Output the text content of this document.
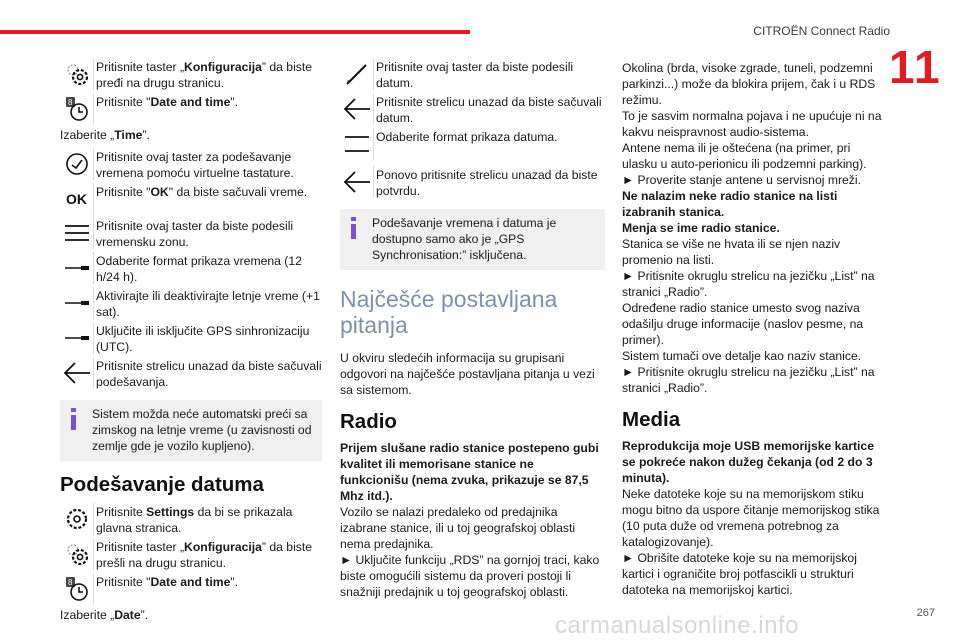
CITROËN Connect Radio
11
Pritisnite taster „Konfiguracija” da biste pređi na drugu stranicu.
8 Pritisnite "Date and time".

Izaberite „Time”.

Pritisnite ovaj taster za podešavanje vremena pomoću virtuelne tastature.
OK Pritisnite "OK" da biste sačuvali vreme.
Pritisnite ovaj taster da biste podesili vremensku zonu.
Odaberite format prikaza vremena (12 h/24 h).
Aktivirajte ili deaktivirajte letnje vreme (+1 sat).
Uključite ili isključite GPS sinhronizaciju (UTC).
Pritisnite strelicu unazad da biste sačuvali podešavanja.
Sistem možda neće automatski preći sa zimskog na letnje vreme (u zavisnosti od zemlje gde je vozilo kupljeno).
Podešavanje datuma
Pritisnite Settings da bi se prikazala glavna stranica.
Pritisnite taster „Konfiguracija” da biste prešli na drugu stranicu.
8 Pritisnite "Date and time".

Izaberite „Date”.

Pritisnite ovaj taster da biste podesili datum.
Pritisnite strelicu unazad da biste sačuvali datum.
Odaberite format prikaza datuma.
Ponovo pritisnite strelicu unazad da biste potvrdu.
Podešavanje vremena i datuma je dostupno samo ako je „GPS Synchronisation:” isključena.
Najčešće postavljana pitanja

U okviru sledećih informacija su grupisani odgovori na najčešće postavljana pitanja u vezi sa sistemom.

Radio

Prijem slušane radio stanice postepeno gubi kvalitet ili memorisane stanice ne funkcionišu (nema zvuka, prikazuje se 87,5 Mhz itd.).

Vozilo se nalazi predaleko od predajnika izabrane stanice, ili u toj geografskoj oblasti nema predajnika.

► Uključite funkciju „RDS” na gornjoj traci, kako biste omogućili sistemu da proveri postoji li snažniji predajnik u toj geografskoj oblasti.

Okolina (brda, visoke zgrade, tuneli, podzemni parkinzi...) može da blokira prijem, čak i u RDS režimu.

To je sasvim normalna pojava i ne upućuje ni na kakvu neispravnost audio-sistema.

Antene nema ili je oštećena (na primer, pri ulasku u auto-perionicu ili podzemni parking).

► Proverite stanje antene u servisnoj mreži.

Ne nalazim neke radio stanice na listi izabranih stanica.

Menja se ime radio stanice.

Stanica se više ne hvata ili se njen naziv promenio na listi.

► Pritisnite okruglu strelicu na jezičku „List” na stranici „Radio”.

Određene radio stanice umesto svog naziva odašilju druge informacije (naslov pesme, na primer).

Sistem tumači ove detalje kao naziv stanice.

► Pritisnite okruglu strelicu na jezičku „List” na stranici „Radio”.

Media

Reprodukcija moje USB memorijske kartice se pokreće nakon dužeg čekanja (od 2 do 3 minuta).

Neke datoteke koje su na memorijskom stiku mogu bitno da uspore čitanje memorijskog stika (10 puta duže od vremena potrebnog za katalogizovanje).

► Obrišite datoteke koje su na memorijskoj kartici i ograničite broj potfascikli u strukturi datoteka na memorijskoj kartici.

carmanualsonline.info	267
